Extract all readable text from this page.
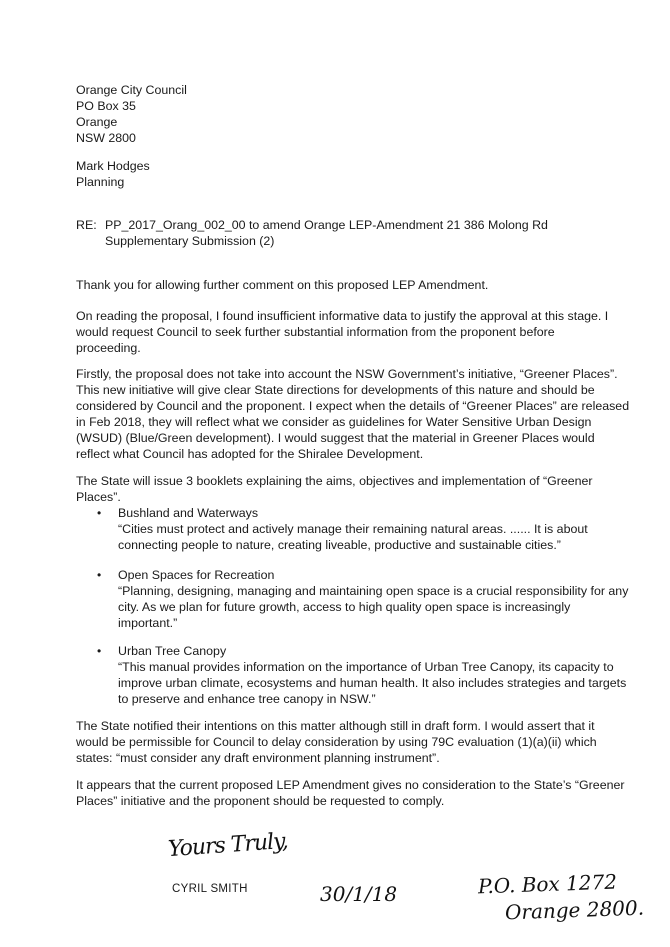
Orange City Council
PO Box 35
Orange
NSW 2800
Mark Hodges
Planning
RE: PP_2017_Orang_002_00 to amend Orange LEP-Amendment 21 386 Molong Rd
Supplementary Submission (2)
Thank you for allowing further comment on this proposed LEP Amendment.
On reading the proposal, I found insufficient informative data to justify the approval at this stage. I
would request Council to seek further substantial information from the proponent before
proceeding.
Firstly, the proposal does not take into account the NSW Government’s initiative, “Greener Places”.
This new initiative will give clear State directions for developments of this nature and should be
considered by Council and the proponent. I expect when the details of “Greener Places” are released
in Feb 2018, they will reflect what we consider as guidelines for Water Sensitive Urban Design
(WSUD) (Blue/Green development). I would suggest that the material in Greener Places would
reflect what Council has adopted for the Shiralee Development.
The State will issue 3 booklets explaining the aims, objectives and implementation of “Greener
Places”.
• Bushland and Waterways
“Cities must protect and actively manage their remaining natural areas. ...... It is about
connecting people to nature, creating liveable, productive and sustainable cities.”
• Open Spaces for Recreation
“Planning, designing, managing and maintaining open space is a crucial responsibility for any
city. As we plan for future growth, access to high quality open space is increasingly
important.”
• Urban Tree Canopy
“This manual provides information on the importance of Urban Tree Canopy, its capacity to
improve urban climate, ecosystems and human health. It also includes strategies and targets
to preserve and enhance tree canopy in NSW.”
The State notified their intentions on this matter although still in draft form. I would assert that it
would be permissible for Council to delay consideration by using 79C evaluation (1)(a)(ii) which
states: “must consider any draft environment planning instrument”.
It appears that the current proposed LEP Amendment gives no consideration to the State’s “Greener
Places” initiative and the proponent should be requested to comply.
Yours Truly,
CYRIL SMITH	30/1/18	P.O. Box 1272
Orange 2800.
